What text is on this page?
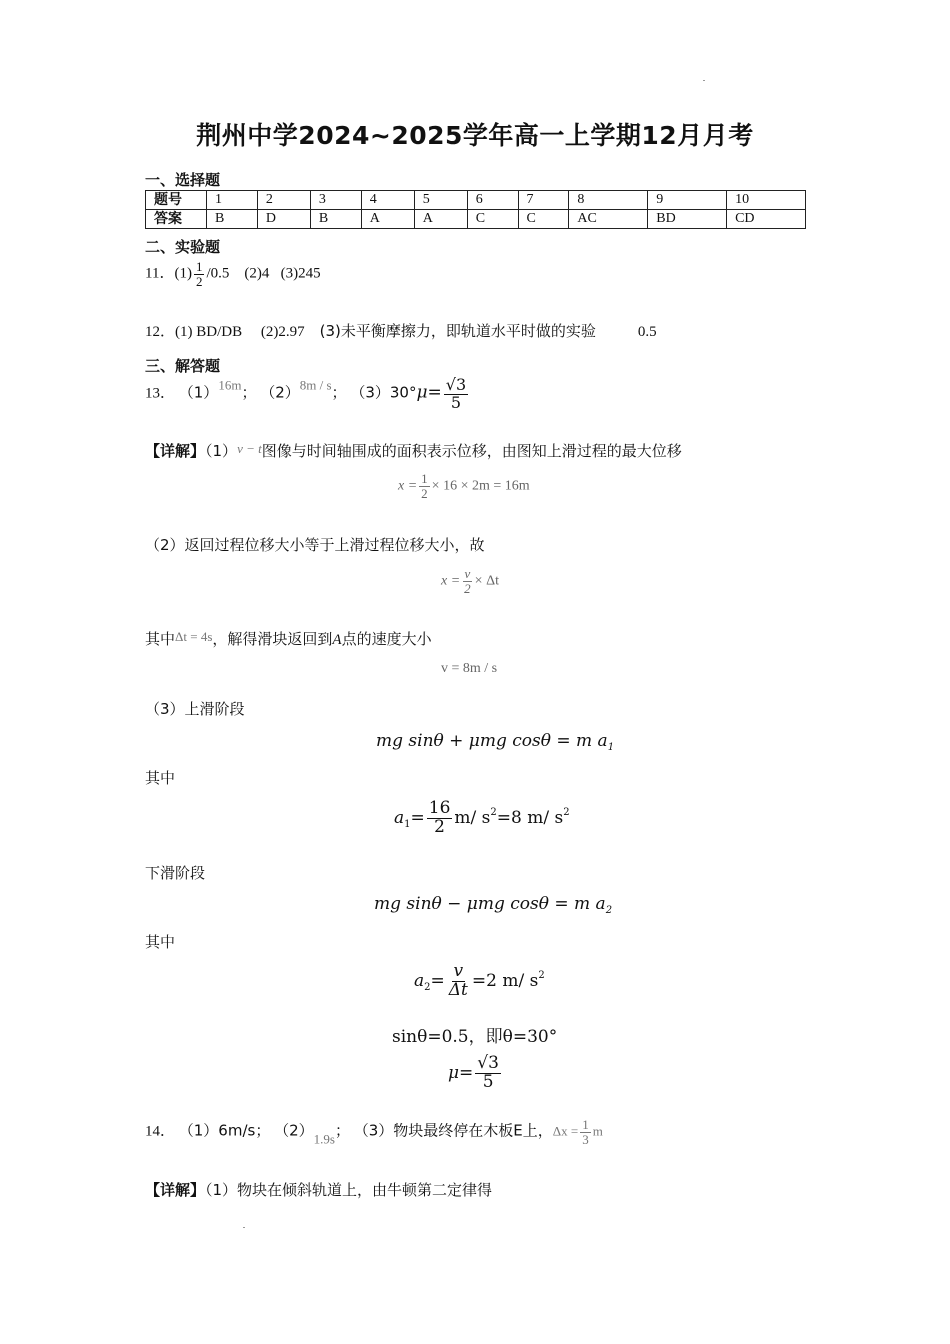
荆州中学2024~2025学年高一上学期12月月考
一、选择题
题号	1	2	3	4	5	6	7	8	9	10
答案	B	D	B	A	A	C	C	AC	BD	CD
二、实验题
11．$(1) \frac{1}{2} /0.5$ (2)4 (3)245
12．(1) BD/DB (2)2.97 (3)未平衡摩擦力，即轨道水平时做的实验	0.5
三、解答题
13． （1）16m； （2）8m / s； $(3)30^\circ\mu= \frac{√3}{5}$
【详解】（1）v − t图像与时间轴围成的面积表示位移，由图知上滑过程的最大位移
$x = \frac{1}{2} \times 16 \times 2m = 16m$
（2）返回过程位移大小等于上滑过程位移大小，故
$x = \frac{v}{2} \times \Delta t$
其中Δt = 4s，解得滑块返回到A点的速度大小
v = 8m / s
（3）上滑阶段
mg sinθ + μmg cosθ = m $a_1$
其中
$a_1= \frac{16}{2} m/$ $s^2=8$ m/ $s^2$
下滑阶段
mg sinθ − μmg cosθ = m $a_2$
其中
$a_2= \frac{v}{\Delta t} =2$ m/ $s^2$
sinθ=0.5，即θ=30°
$\mu= \frac{√3}{5}$
14． （1）6m/s； （2）1.9s； （3）物块最终停在木板E上，$\Delta x = \frac{1}{3}$ m
【详解】（1）物块在倾斜轨道上，由牛顿第二定律得
